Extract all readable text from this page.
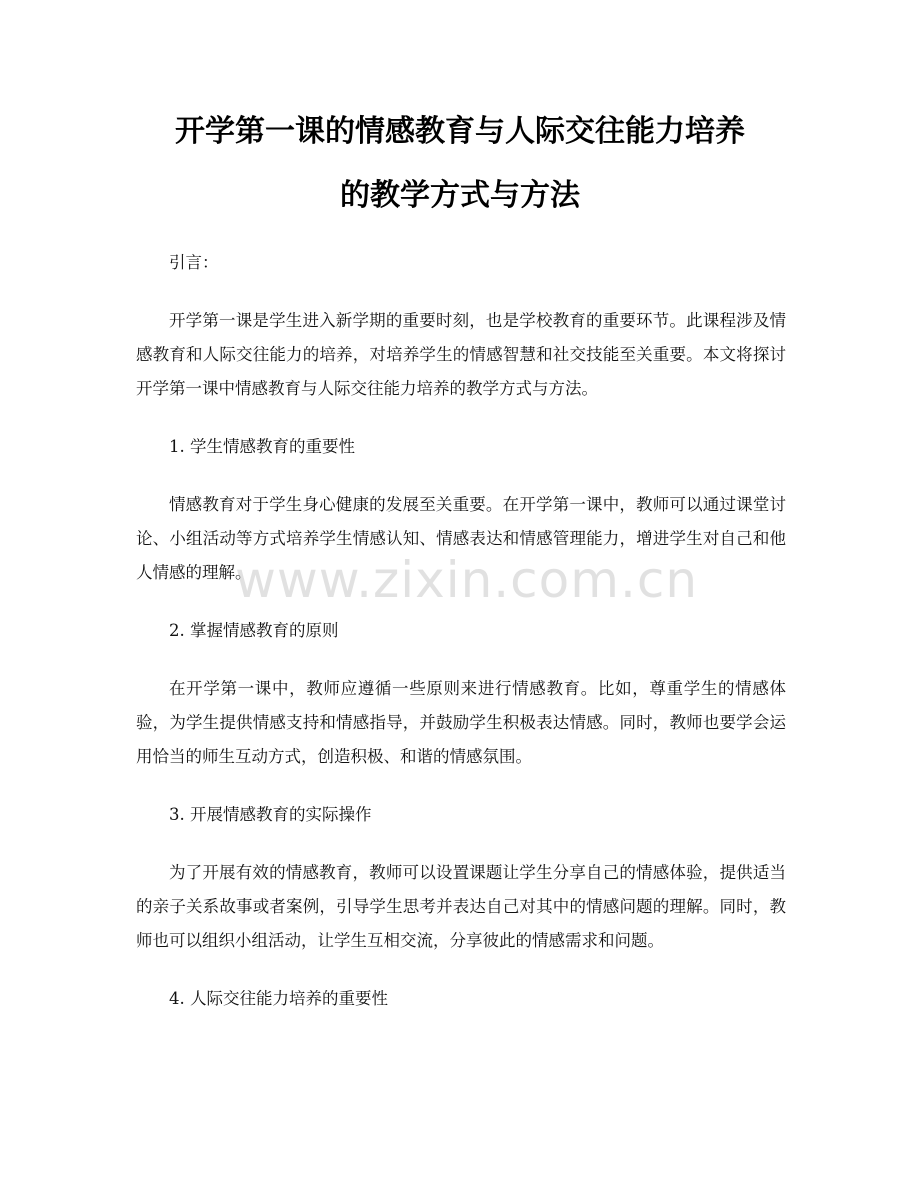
开学第一课的情感教育与人际交往能力培养
的教学方式与方法

引言：

开学第一课是学生进入新学期的重要时刻，也是学校教育的重要环节。此课程涉及情感教育和人际交往能力的培养，对培养学生的情感智慧和社交技能至关重要。本文将探讨开学第一课中情感教育与人际交往能力培养的教学方式与方法。

1. 学生情感教育的重要性

情感教育对于学生身心健康的发展至关重要。在开学第一课中，教师可以通过课堂讨论、小组活动等方式培养学生情感认知、情感表达和情感管理能力，增进学生对自己和他人情感的理解。

2. 掌握情感教育的原则

在开学第一课中，教师应遵循一些原则来进行情感教育。比如，尊重学生的情感体验，为学生提供情感支持和情感指导，并鼓励学生积极表达情感。同时，教师也要学会运用恰当的师生互动方式，创造积极、和谐的情感氛围。

3. 开展情感教育的实际操作

为了开展有效的情感教育，教师可以设置课题让学生分享自己的情感体验，提供适当的亲子关系故事或者案例，引导学生思考并表达自己对其中的情感问题的理解。同时，教师也可以组织小组活动，让学生互相交流，分享彼此的情感需求和问题。

4. 人际交往能力培养的重要性

www.zixin.com.cn
